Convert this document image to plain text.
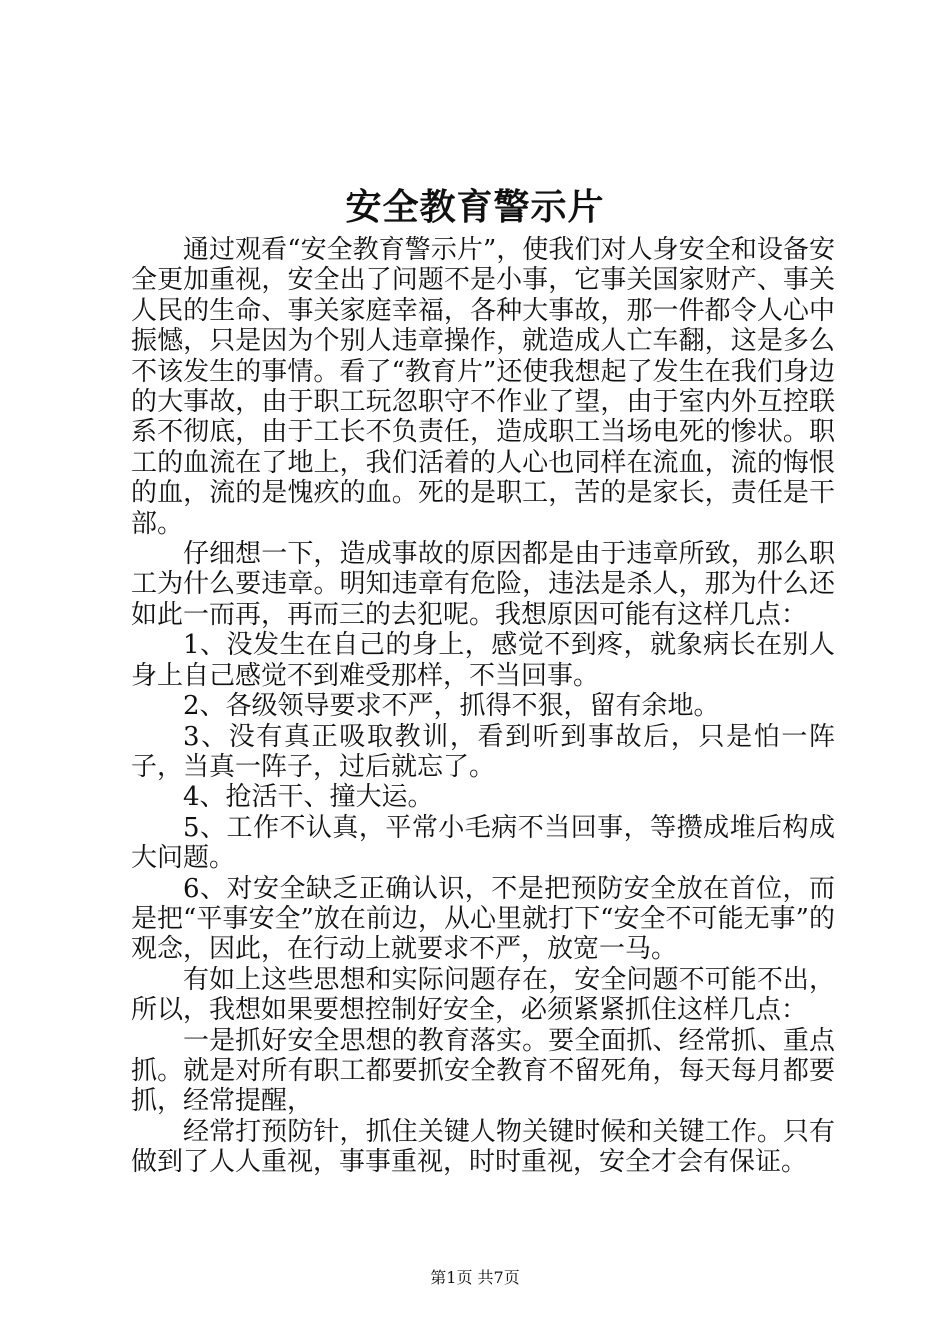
安全教育警示片

通过观看“安全教育警示片”，使我们对人身安全和设备安全更加重视，安全出了问题不是小事，它事关国家财产、事关人民的生命、事关家庭幸福，各种大事故，那一件都令人心中振憾，只是因为个别人违章操作，就造成人亡车翻，这是多么不该发生的事情。看了“教育片”还使我想起了发生在我们身边的大事故，由于职工玩忽职守不作业了望，由于室内外互控联系不彻底，由于工长不负责任，造成职工当场电死的惨状。职工的血流在了地上，我们活着的人心也同样在流血，流的悔恨的血，流的是愧疚的血。死的是职工，苦的是家长，责任是干部。

仔细想一下，造成事故的原因都是由于违章所致，那么职工为什么要违章。明知违章有危险，违法是杀人，那为什么还如此一而再，再而三的去犯呢。我想原因可能有这样几点：

1、没发生在自己的身上，感觉不到疼，就象病长在别人身上自己感觉不到难受那样，不当回事。

2、各级领导要求不严，抓得不狠，留有余地。

3、没有真正吸取教训，看到听到事故后，只是怕一阵子，当真一阵子，过后就忘了。

4、抢活干、撞大运。

5、工作不认真，平常小毛病不当回事，等攒成堆后构成大问题。

6、对安全缺乏正确认识，不是把预防安全放在首位，而是把“平事安全”放在前边，从心里就打下“安全不可能无事”的观念，因此，在行动上就要求不严，放宽一马。

有如上这些思想和实际问题存在，安全问题不可能不出，所以，我想如果要想控制好安全，必须紧紧抓住这样几点：

一是抓好安全思想的教育落实。要全面抓、经常抓、重点抓。就是对所有职工都要抓安全教育不留死角，每天每月都要抓，经常提醒，

经常打预防针，抓住关键人物关键时候和关键工作。只有做到了人人重视，事事重视，时时重视，安全才会有保证。

第1页 共7页
